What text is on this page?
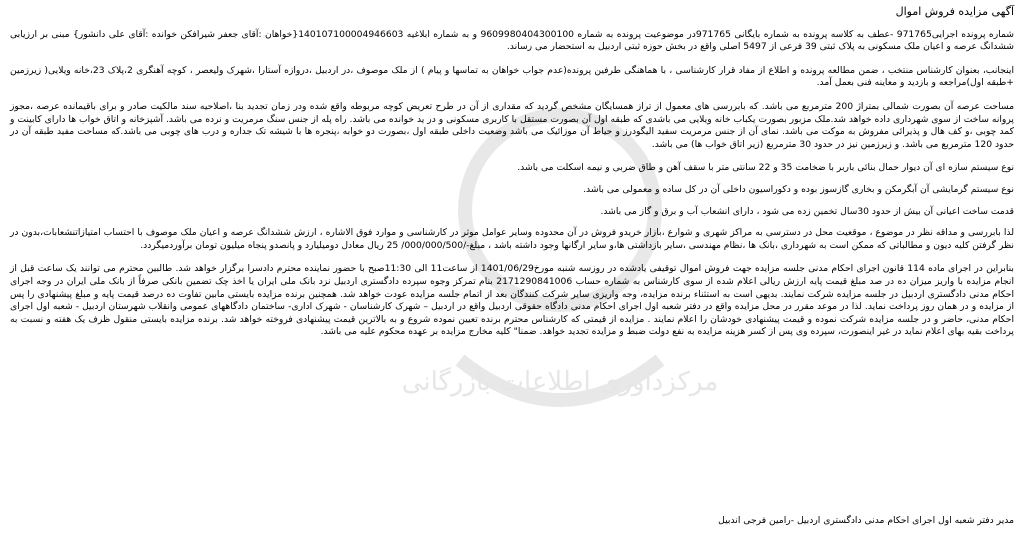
مرکزداوری اطلاعات بازرگانی
آگهی مزایده فروش اموال

شماره پرونده اجرایی971765 -عطف به کلاسه پرونده به شماره بایگانی 971765در موضوعیت پرونده به شماره 9609980404300100 و به شماره ابلاغیه 140107100004946603{خواهان :آقای جعفر شیرافکن خوانده :آقای علی دانشور} مبنی بر ارزیابی ششدانگ عرصه و اعیان ملک مسکونی به پلاک ثبتی 39 فرعی از 5497 اصلی واقع در بخش حوزه ثبتی اردبیل به استحضار می رساند.

اینجانب، بعنوان کارشناس منتخب ، ضمن مطالعه پرونده و اطلاع از مفاد قرار کارشناسی ، با هماهنگی طرفین پرونده(عدم جواب خواهان به تماسها و پیام ) از ملک موصوف ،در اردبیل ،دروازه آستارا ،شهرک ولیعصر ، کوچه آهنگری 2،پلاک 23،خانه ویلایی( زیرزمین +طبقه اول)مراجعه و بازدید و معاینه فنی بعمل آمد.

مساحت عرصه آن بصورت شمالی بمتراژ 200 مترمربع می باشد. که بابررسی های معمول از تراز همسایگان مشخص گردید که مقداری از آن در طرح تعریض کوچه مربوطه واقع شده ودر زمان تجدید بنا ،اصلاحیه سند مالکیت صادر و برای باقیمانده عرصه ،مجوز پروانه ساخت از سوی شهرداری داده خواهد شد.ملک مزبور بصورت یکباب خانه ویلایی می باشدی که طبقه اول آن بصورت مستقل با کاربری مسکونی و در ید خوانده می باشد. راه پله از جنس سنگ مرمریت و نرده می باشد. آشپزخانه و اتاق خواب ها دارای کابینت و کمد چوبی ،و کف هال و پذیرائی مفروش به موکت می باشد. نمای آن از جنس مرمریت سفید الیگودرز و حیاط آن موزائیک می باشد وضعیت داخلی طبقه اول ،بصورت دو خوابه ،پنجره ها با شیشه تک جداره و درب های چوبی می باشد.که مساحت مفید طبقه آن در حدود 120 مترمربع می باشد. و زیرزمین نیز در حدود 30 مترمربع (زیر اتاق خواب ها) می باشد.

نوع سیستم سازه ای آن دیوار حمال بنائی باربر با ضخامت 35 و 22 سانتی متر با سقف آهن و طاق ضربی و نیمه اسکلت می باشد.

نوع سیستم گرمایشی آن آبگرمکن و بخاری گازسوز بوده و دکوراسیون داخلی آن در کل ساده و معمولی می باشد.

قدمت ساخت اعیانی آن بیش از حدود 30سال تخمین زده می شود ، دارای انشعاب آب و برق و گاز می باشد.

لذا بابررسی و مداقه نظر در موضوع ، موقعیت محل در دسترسی به مراکز شهری و شوارع ،بازار خریدو فروش در آن محدوده وسایر عوامل موثر در کارشناسی و موارد فوق الاشاره ، ارزش ششدانگ عرصه و اعیان ملک موصوف با احتساب امتیازاتنشعابات،بدون در نظر گرفتن کلیه دیون و مطالباتی که ممکن است به شهرداری ،بانک ها ،نظام مهندسی ،سایر بازداشتی ها،و سایر ارگانها وجود داشته باشد ، مبلغ-/000/000/500/ 25 ریال معادل دومیلیارد و پانصدو پنجاه میلیون تومان برآوردمیگردد.

بنابراین در اجرای ماده 114 قانون اجرای احکام مدنی جلسه مزایده جهت فروش اموال توقیفی یادشده در روزسه شنبه مورخ1401/06/29 از ساعت11 الی 11:30صبح با حضور نماینده محترم دادسرا برگزار خواهد شد. طالبین محترم می توانند یک ساعت قبل از انجام مزایده با واریز میزان ده در صد مبلغ قیمت پایه ارزش ریالی اعلام شده از سوی کارشناس به شماره حساب 2171290841006 بنام تمرکز وجوه سپرده دادگستری اردبیل نزد بانک ملی ایران یا اخذ چک تضمین بانکی صرفاً از بانک ملی ایران در وجه اجرای احکام مدنی دادگستری اردبیل در جلسه مزایده شرکت نمایند. بدیهی است به استثناء برنده مزایده، وجه واریزی سایر شرکت کنندگان بعد از اتمام جلسه مزایده عودت خواهد شد. همچنین برنده مزایده بایستی مابین تفاوت ده درصد قیمت پایه و مبلغ پیشنهادی را پس از مزایده و در همان روز پرداخت نماید. لذا در موعد مقرر در محل مزایده واقع در دفتر شعبه اول اجرای احکام مدنی دادگاه حقوقی اردبیل واقع در اردبیل – شهرک کارشناسان - شهرک اداری- ساختمان دادگاههای عمومی وانقلاب شهرستان اردبیل - شعبه اول اجرای احکام مدنی، حاضر و در جلسه مزایده شرکت نموده و قیمت پیشنهادی خودشان را اعلام نمایند . مزایده از قیمتی که کارشناس محترم برنده تعیین نموده شروع و به بالاترین قیمت پیشنهادی فروخته خواهد شد. برنده مزایده بایستی منقول ظرف یک هفته و نسبت به پرداخت بقیه بهای اعلام نماید در غیر اینصورت، سپرده وی پس از کسر هزینه مزایده به نفع دولت ضبط و مزایده تجدید خواهد. ضمنا" کلیه مخارج مزایده بر عهده محکوم علیه می باشد.

مدیر دفتر شعبه اول اجرای احکام مدنی دادگستری اردبیل -رامین فرجی اندبیل
